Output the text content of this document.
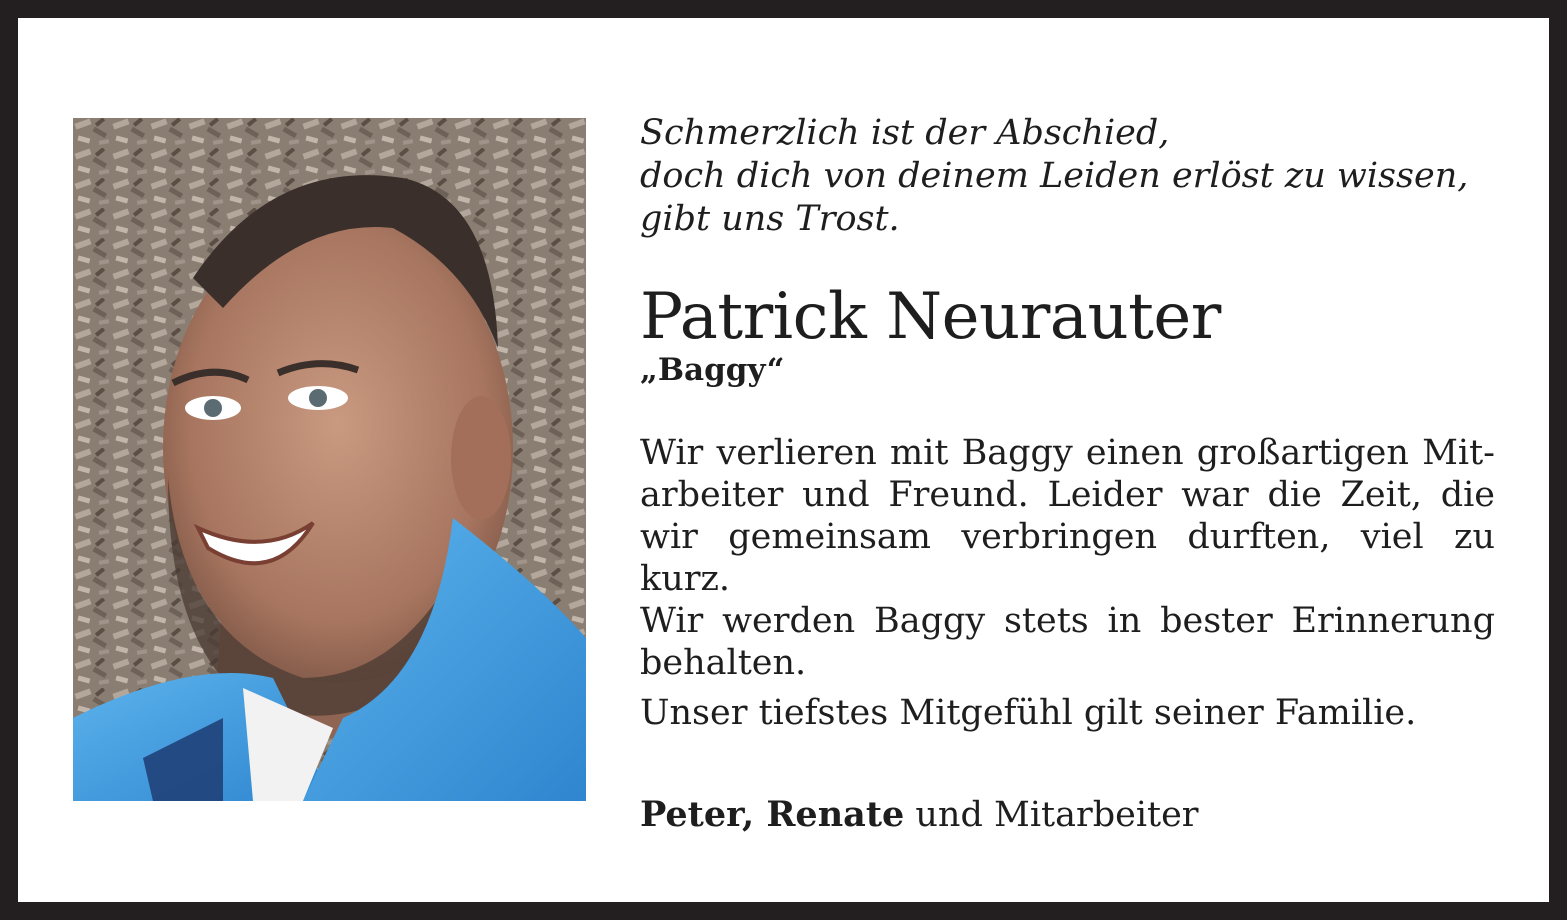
Schmerzlich ist der Abschied,
doch dich von deinem Leiden erlöst zu wissen,
gibt uns Trost.

Patrick Neurauter

„Baggy“

Wir verlieren mit Baggy einen großartigen Mit-
arbeiter und Freund. Leider war die Zeit, die
wir gemeinsam verbringen durften, viel zu kurz.
Wir werden Baggy stets in bester Erinnerung
behalten.

Unser tiefstes Mitgefühl gilt seiner Familie.

Peter, Renate und Mitarbeiter
